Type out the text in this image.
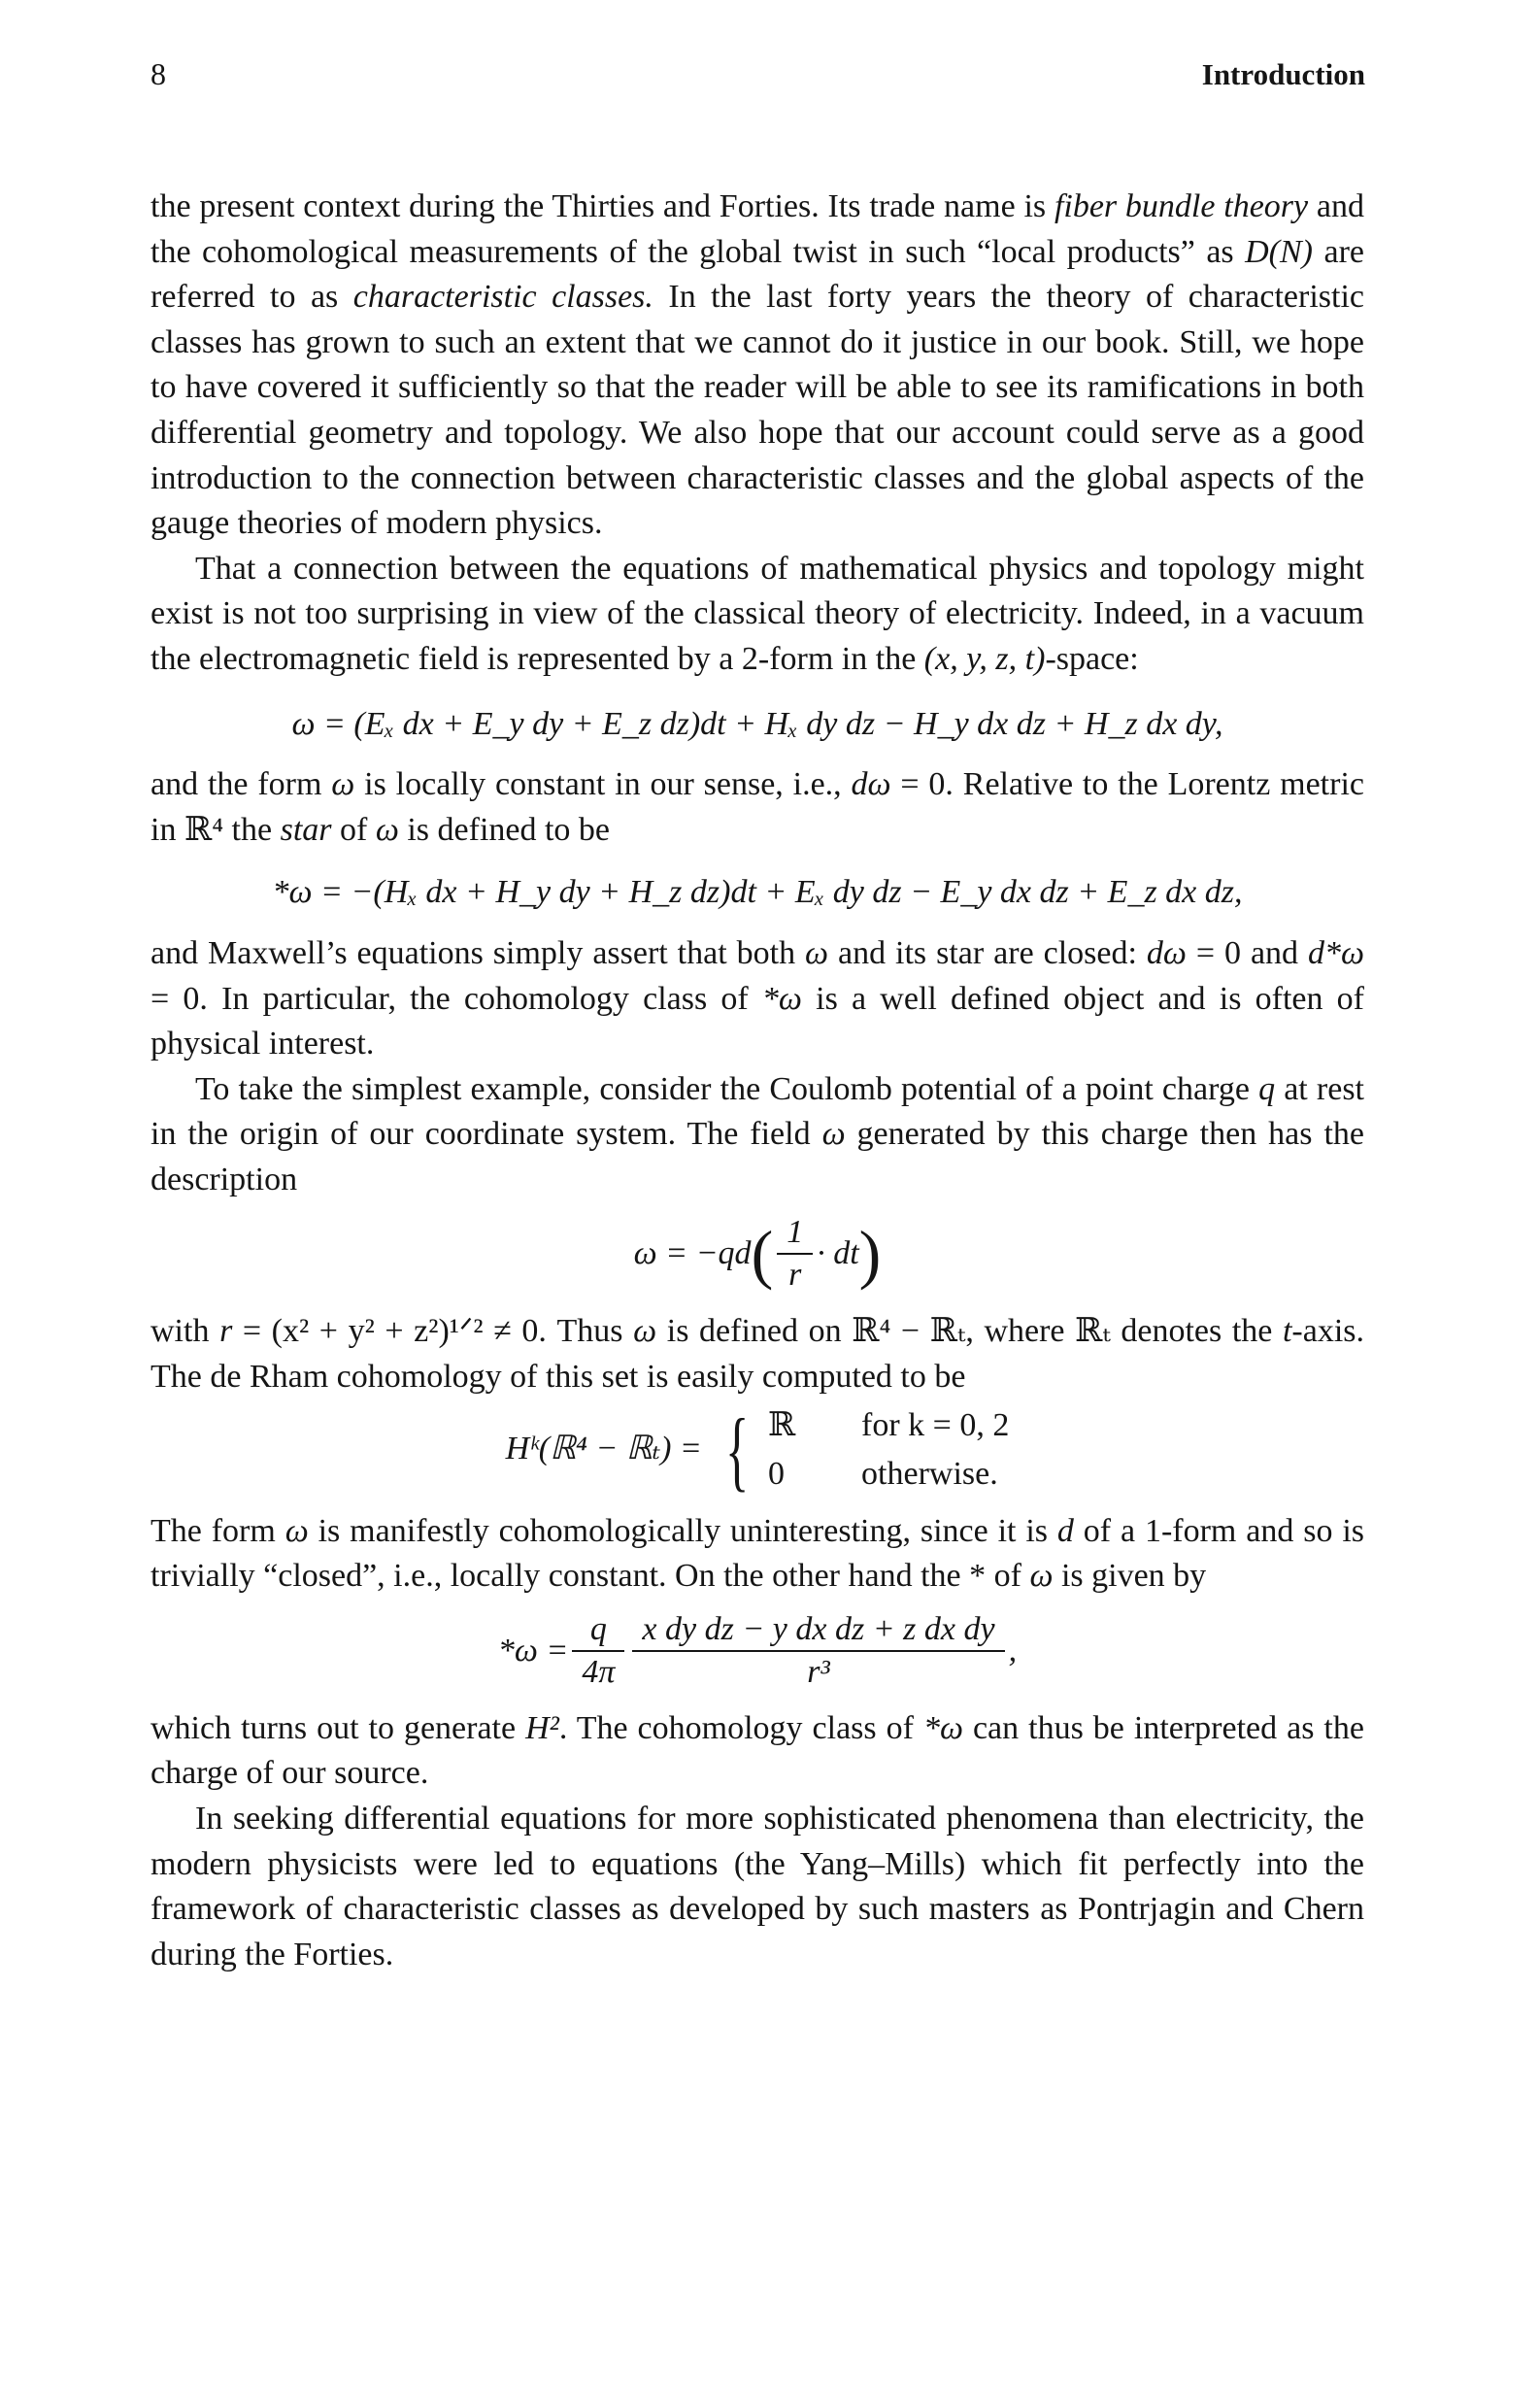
8	Introduction

the present context during the Thirties and Forties. Its trade name is fiber bundle theory and the cohomological measurements of the global twist in such “local products” as D(N) are referred to as characteristic classes. In the last forty years the theory of characteristic classes has grown to such an extent that we cannot do it justice in our book. Still, we hope to have covered it sufficiently so that the reader will be able to see its ramifications in both differential geometry and topology. We also hope that our account could serve as a good introduction to the connection between characteristic classes and the global aspects of the gauge theories of modern physics.

That a connection between the equations of mathematical physics and topology might exist is not too surprising in view of the classical theory of electricity. Indeed, in a vacuum the electromagnetic field is represented by a 2-form in the (x, y, z, t)-space:

ω = (Eₓ dx + E_y dy + E_z dz)dt + Hₓ dy dz − H_y dx dz + H_z dx dy,

and the form ω is locally constant in our sense, i.e., dω = 0. Relative to the Lorentz metric in ℝ⁴ the star of ω is defined to be

*ω = −(Hₓ dx + H_y dy + H_z dz)dt + Eₓ dy dz − E_y dx dz + E_z dx dz,

and Maxwell’s equations simply assert that both ω and its star are closed: dω = 0 and d*ω = 0. In particular, the cohomology class of *ω is a well defined object and is often of physical interest.

To take the simplest example, consider the Coulomb potential of a point charge q at rest in the origin of our coordinate system. The field ω generated by this charge then has the description

ω = −qd ( $\frac{1}{r}$ · dt )

with r = (x² + y² + z²)¹ᐟ² ≠ 0. Thus ω is defined on ℝ⁴ − ℝₜ, where ℝₜ denotes the t-axis. The de Rham cohomology of this set is easily computed to be

Hᵏ(ℝ⁴ − ℝₜ) = { ℝ	for k = 0, 2
0	otherwise.

The form ω is manifestly cohomologically uninteresting, since it is d of a 1-form and so is trivially “closed”, i.e., locally constant. On the other hand the * of ω is given by

$*\omega = \frac{q}{4\pi} \frac{\text{x dy dz − y dx dz + z dx dy}}{\text{r³}}$ ,

which turns out to generate H². The cohomology class of *ω can thus be interpreted as the charge of our source.

In seeking differential equations for more sophisticated phenomena than electricity, the modern physicists were led to equations (the Yang–Mills) which fit perfectly into the framework of characteristic classes as developed by such masters as Pontrjagin and Chern during the Forties.
